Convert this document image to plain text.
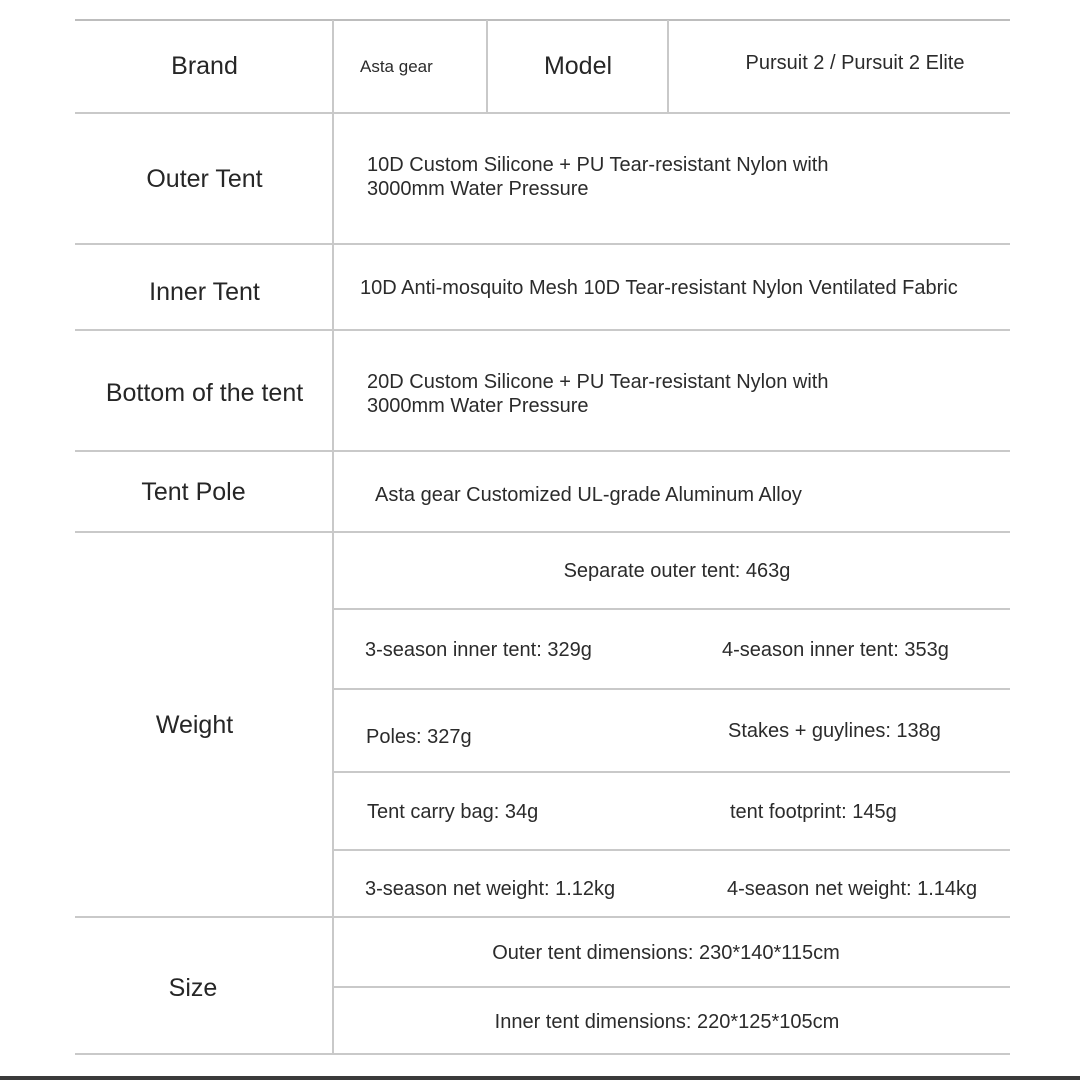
Brand	Asta gear	Model	Pursuit 2 / Pursuit 2 Elite
Outer Tent	10D Custom Silicone + PU Tear-resistant Nylon with
3000mm Water Pressure
Inner Tent	10D Anti-mosquito Mesh 10D Tear-resistant Nylon Ventilated Fabric
Bottom of the tent	20D Custom Silicone + PU Tear-resistant Nylon with
3000mm Water Pressure
Tent Pole	Asta gear Customized UL-grade Aluminum Alloy
Weight
Separate outer tent: 463g
3-season inner tent: 329g	4-season inner tent: 353g
Poles: 327g	Stakes + guylines: 138g
Tent carry bag: 34g	tent footprint: 145g
3-season net weight: 1.12kg	4-season net weight: 1.14kg
Size
Outer tent dimensions: 230*140*115cm
Inner tent dimensions: 220*125*105cm
